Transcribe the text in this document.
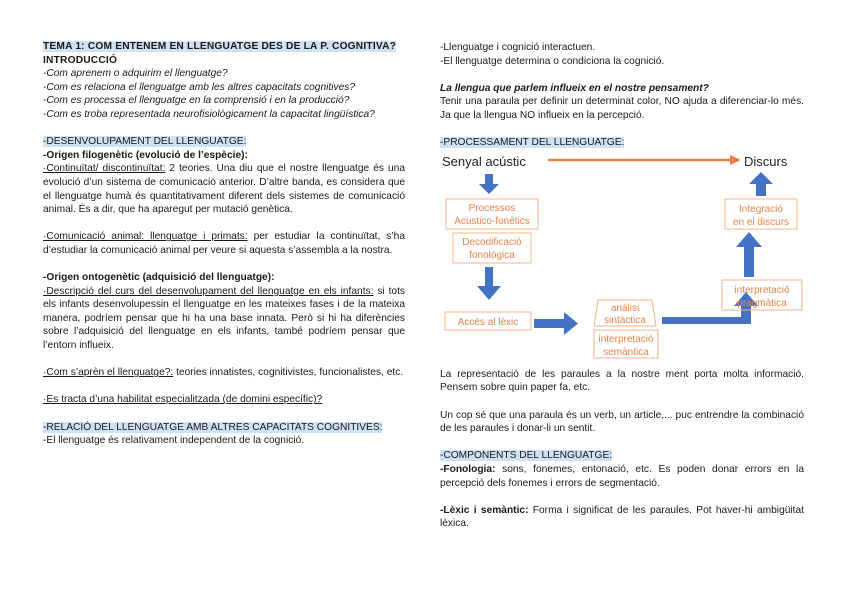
TEMA 1: COM ENTENEM EN LLENGUATGE DES DE LA P. COGNITIVA?

INTRODUCCIÓ

-Com aprenem o adquirim el llenguatge?

-Com es relaciona el llenguatge amb les altres capacitats cognitives?

-Com es processa el llenguatge en la comprensió i en la producció?

-Com es troba representada neurofisiològicament la capacitat lingüística?

-DESENVOLUPAMENT DEL LLENGUATGE:

-Origen filogenètic (evolució de l’espècie):

·Continuïtat/ discontinuïtat: 2 teories. Una diu que el nostre llenguatge és una evolució d’un sistema de comunicació anterior. D’altre banda, es considera que el llenguatge humà és quantitativament diferent dels sistemes de comunicació animal. És a dir, que ha aparegut per mutació genètica.

·Comunicació animal: llenguatge i primats: per estudiar la continuïtat, s’ha d’estudiar la comunicació animal per veure si aquesta s’assembla a la nostra.

-Origen ontogenètic (adquisició del llenguatge):

·Descripció del curs del desenvolupament del llenguatge en els infants: si tots els infants desenvolupessin el llenguatge en les mateixes fases i de la mateixa manera, podríem pensar que hi ha una base innata. Però si hi ha diferències sobre l’adquisició del llenguatge en els infants, també podríem pensar que l’entorn influeix.

·Com s’aprèn el llenguatge?: teories innatistes, cognitivistes, funcionalistes, etc.

·Es tracta d’una habilitat especialitzada (de domini específic)?

-RELACIÓ DEL LLENGUATGE AMB ALTRES CAPACITATS COGNITIVES:

-El llenguatge és relativament independent de la cognició.

-Llenguatge i cognició interactuen.

-El llenguatge determina o condiciona la cognició.

La llengua que parlem influeix en el nostre pensament?

Tenir una paraula per definir un determinat color, NO ajuda a diferenciar-lo més. Ja que la llengua NO influeix en la percepció.

-PROCESSAMENT DEL LLENGUATGE:

Senyal acústic	Discurs
Processos
Acustico-fonètics
Decodificació
fonològica
Accés al lèxic
anàlisi
sintàctica
interpretació
semàntica
interpretació
pragmàtica
Integració
en el discurs

La representació de les paraules a la nostre ment porta molta informació. Pensem sobre quin paper fa, etc.

Un cop sé que una paraula és un verb, un article,... puc entrendre la combinació de les paraules i donar-li un sentit.

-COMPONENTS DEL LLENGUATGE:

-Fonologia: sons, fonemes, entonació, etc. Es poden donar errors en la percepció dels fonemes i errors de segmentació.

-Lèxic i semàntic: Forma i significat de les paraules. Pot haver-hi ambigüitat lèxica.
